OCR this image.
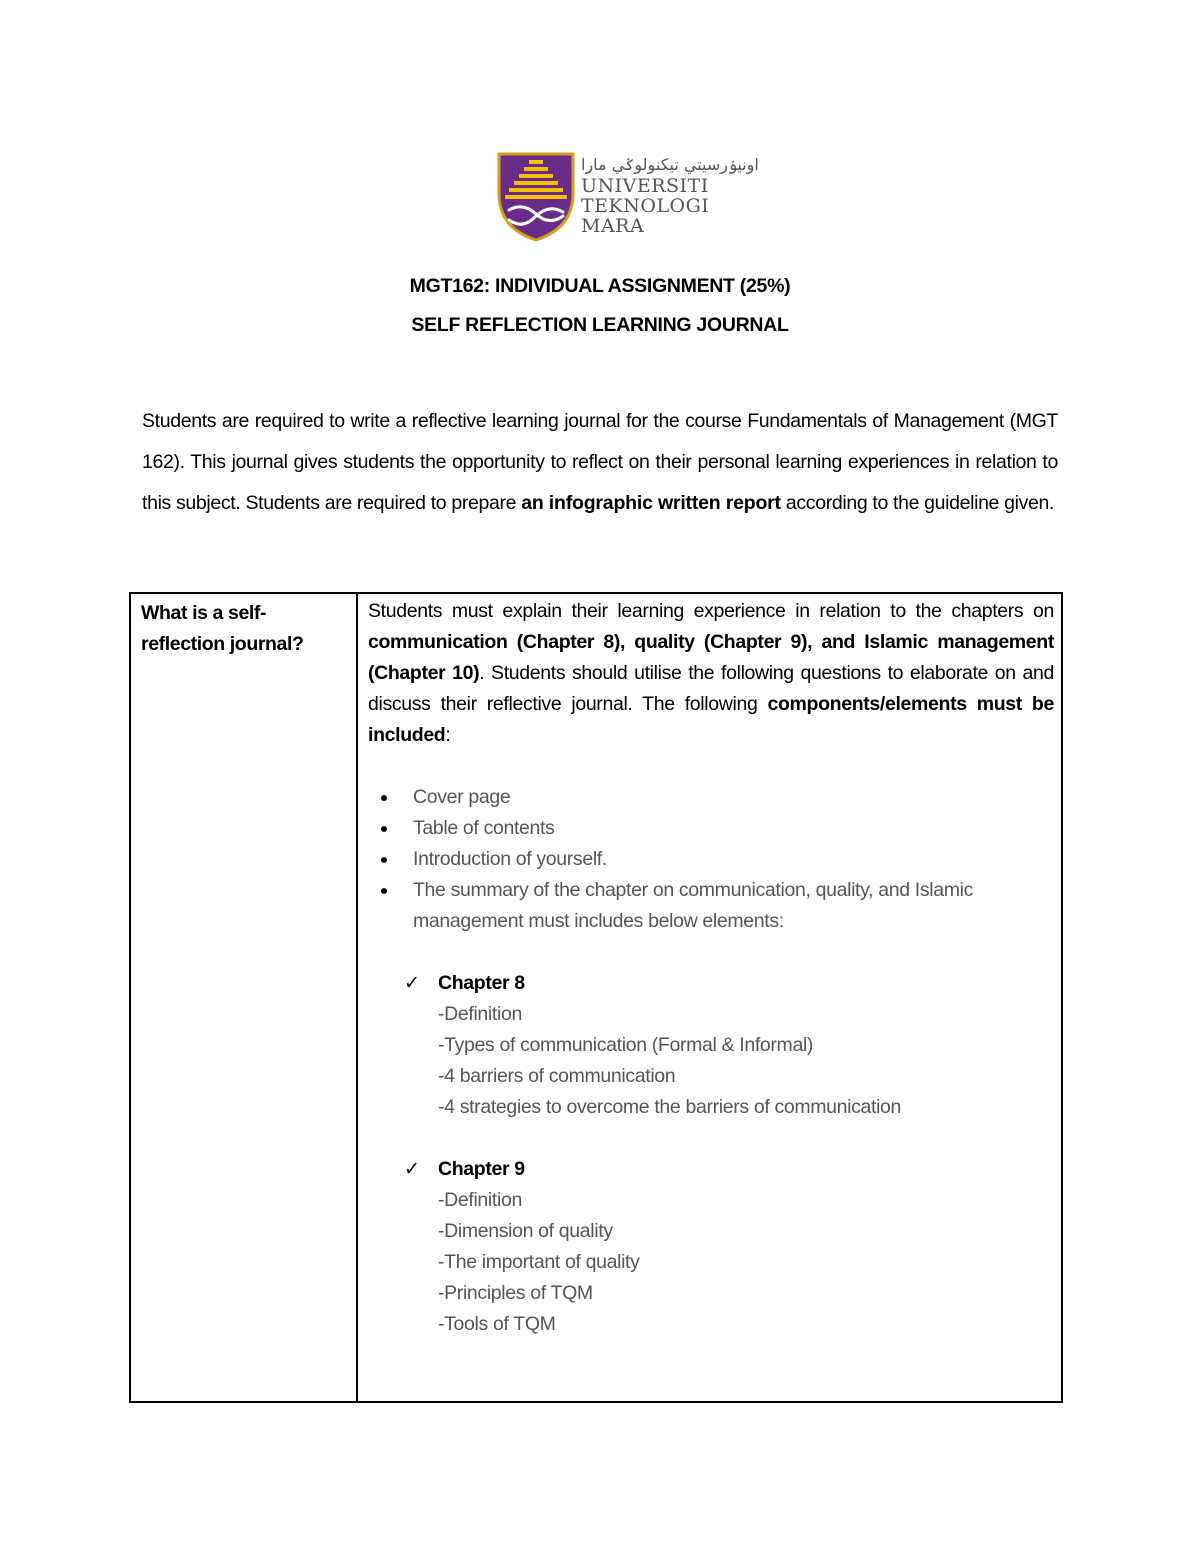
اونيۏرسيتي تيكنولوݢي مارا
UNIVERSITI
TEKNOLOGI
MARA
MGT162: INDIVIDUAL ASSIGNMENT (25%)
SELF REFLECTION LEARNING JOURNAL
Students are required to write a reflective learning journal for the course Fundamentals of Management (MGT 162). This journal gives students the opportunity to reflect on their personal learning experiences in relation to this subject. Students are required to prepare an infographic written report according to the guideline given.
What is a self-reflection journal?
Students must explain their learning experience in relation to the chapters on communication (Chapter 8), quality (Chapter 9), and Islamic management (Chapter 10). Students should utilise the following questions to elaborate on and discuss their reflective journal. The following components/elements must be included:
Cover page
Table of contents
Introduction of yourself.
The summary of the chapter on communication, quality, and Islamic management must includes below elements:
✓ Chapter 8
-Definition
-Types of communication (Formal & Informal)
-4 barriers of communication
-4 strategies to overcome the barriers of communication
✓ Chapter 9
-Definition
-Dimension of quality
-The important of quality
-Principles of TQM
-Tools of TQM
